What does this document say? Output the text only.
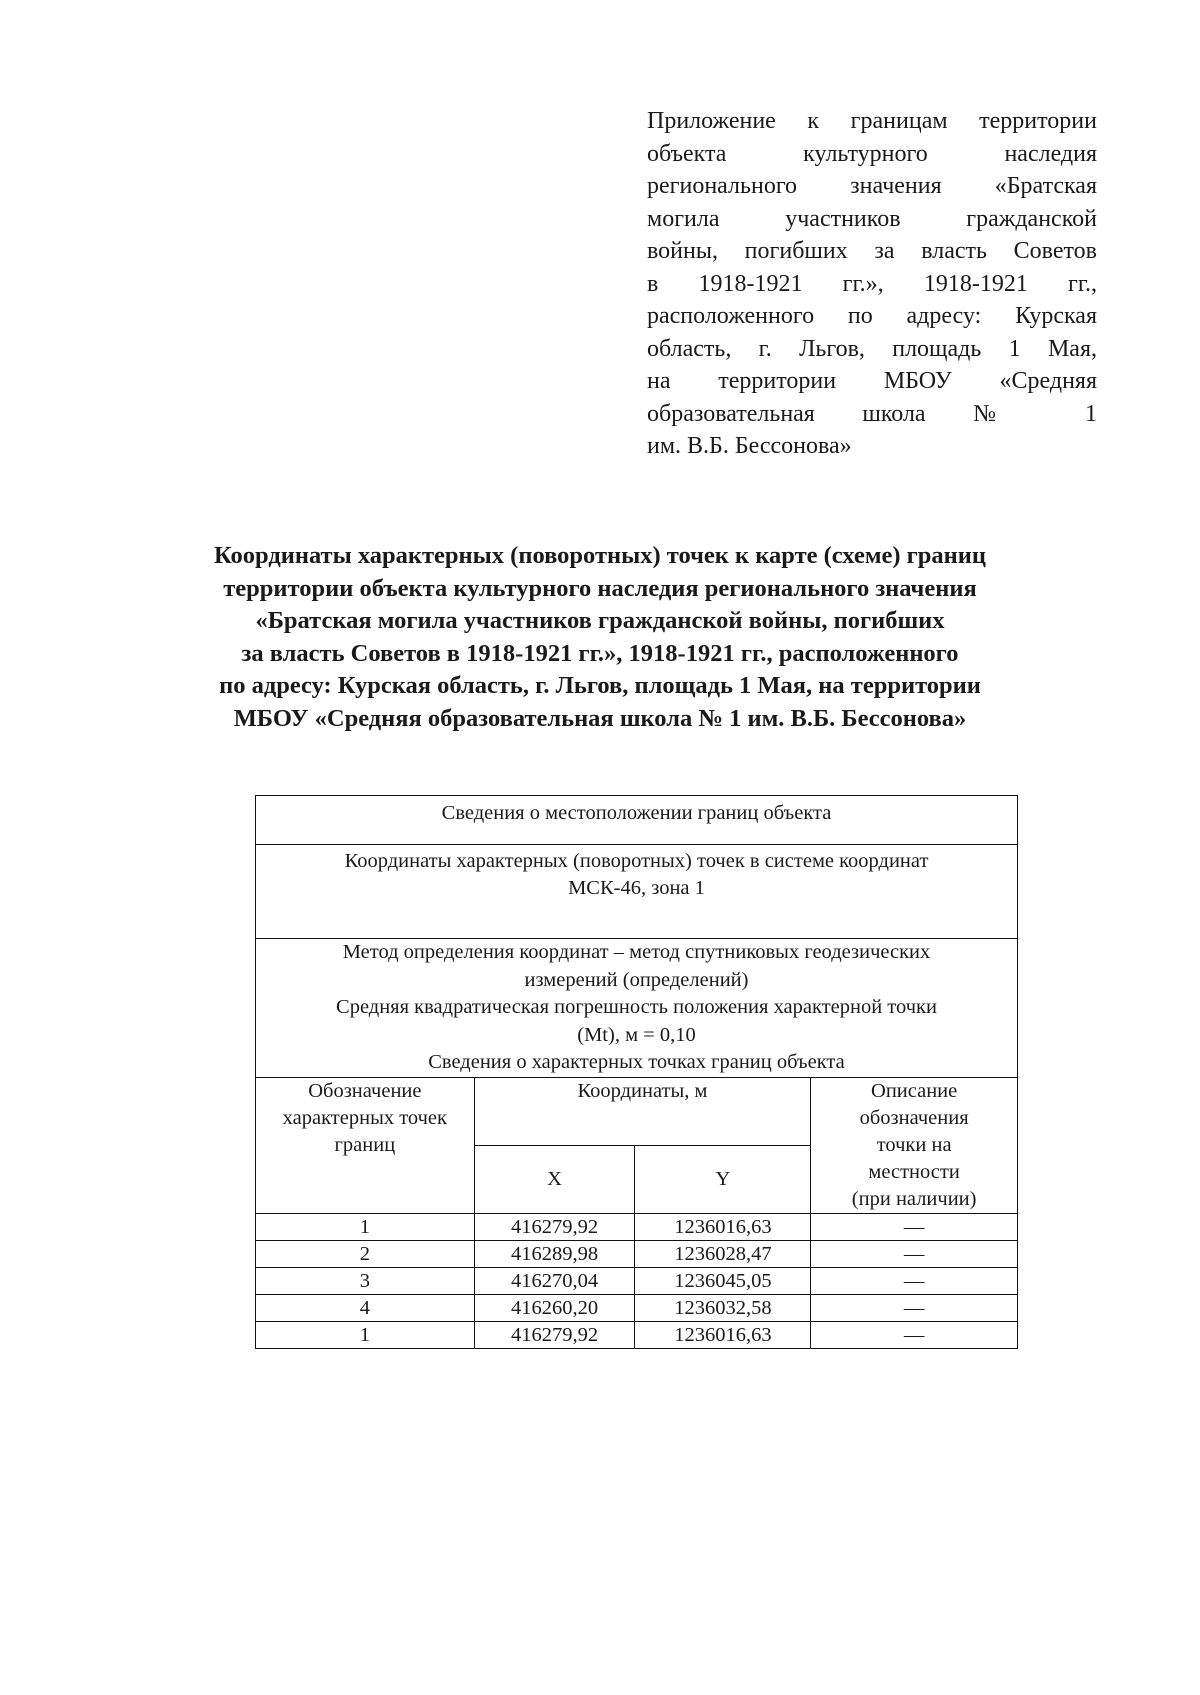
Приложение к границам территории
объекта культурного наследия
регионального значения «Братская
могила участников гражданской
войны, погибших за власть Советов
в 1918-1921 гг.», 1918-1921 гг.,
расположенного по адресу: Курская
область, г. Льгов, площадь 1 Мая,
на территории МБОУ «Средняя
образовательная школа № 1
им. В.Б. Бессонова»
Координаты характерных (поворотных) точек к карте (схеме) границ
территории объекта культурного наследия регионального значения
«Братская могила участников гражданской войны, погибших
за власть Советов в 1918-1921 гг.», 1918-1921 гг., расположенного
по адресу: Курская область, г. Льгов, площадь 1 Мая, на территории
МБОУ «Средняя образовательная школа № 1 им. В.Б. Бессонова»
Сведения о местоположении границ объекта			

Координаты характерных (поворотных) точек в системе координат
МСК-46, зона 1			

Метод определения координат – метод спутниковых геодезических
измерений (определений)
Средняя квадратическая погрешность положения характерной точки
(Mt), м = 0,10
Сведения о характерных точках границ объекта			

Обозначение
характерных точек
границ	Координаты, м		Описание
обозначения
точки на
местности
(при наличии)

	X	Y	
1	416279,92	1236016,63	—
2	416289,98	1236028,47	—
3	416270,04	1236045,05	—
4	416260,20	1236032,58	—
1	416279,92	1236016,63	—
